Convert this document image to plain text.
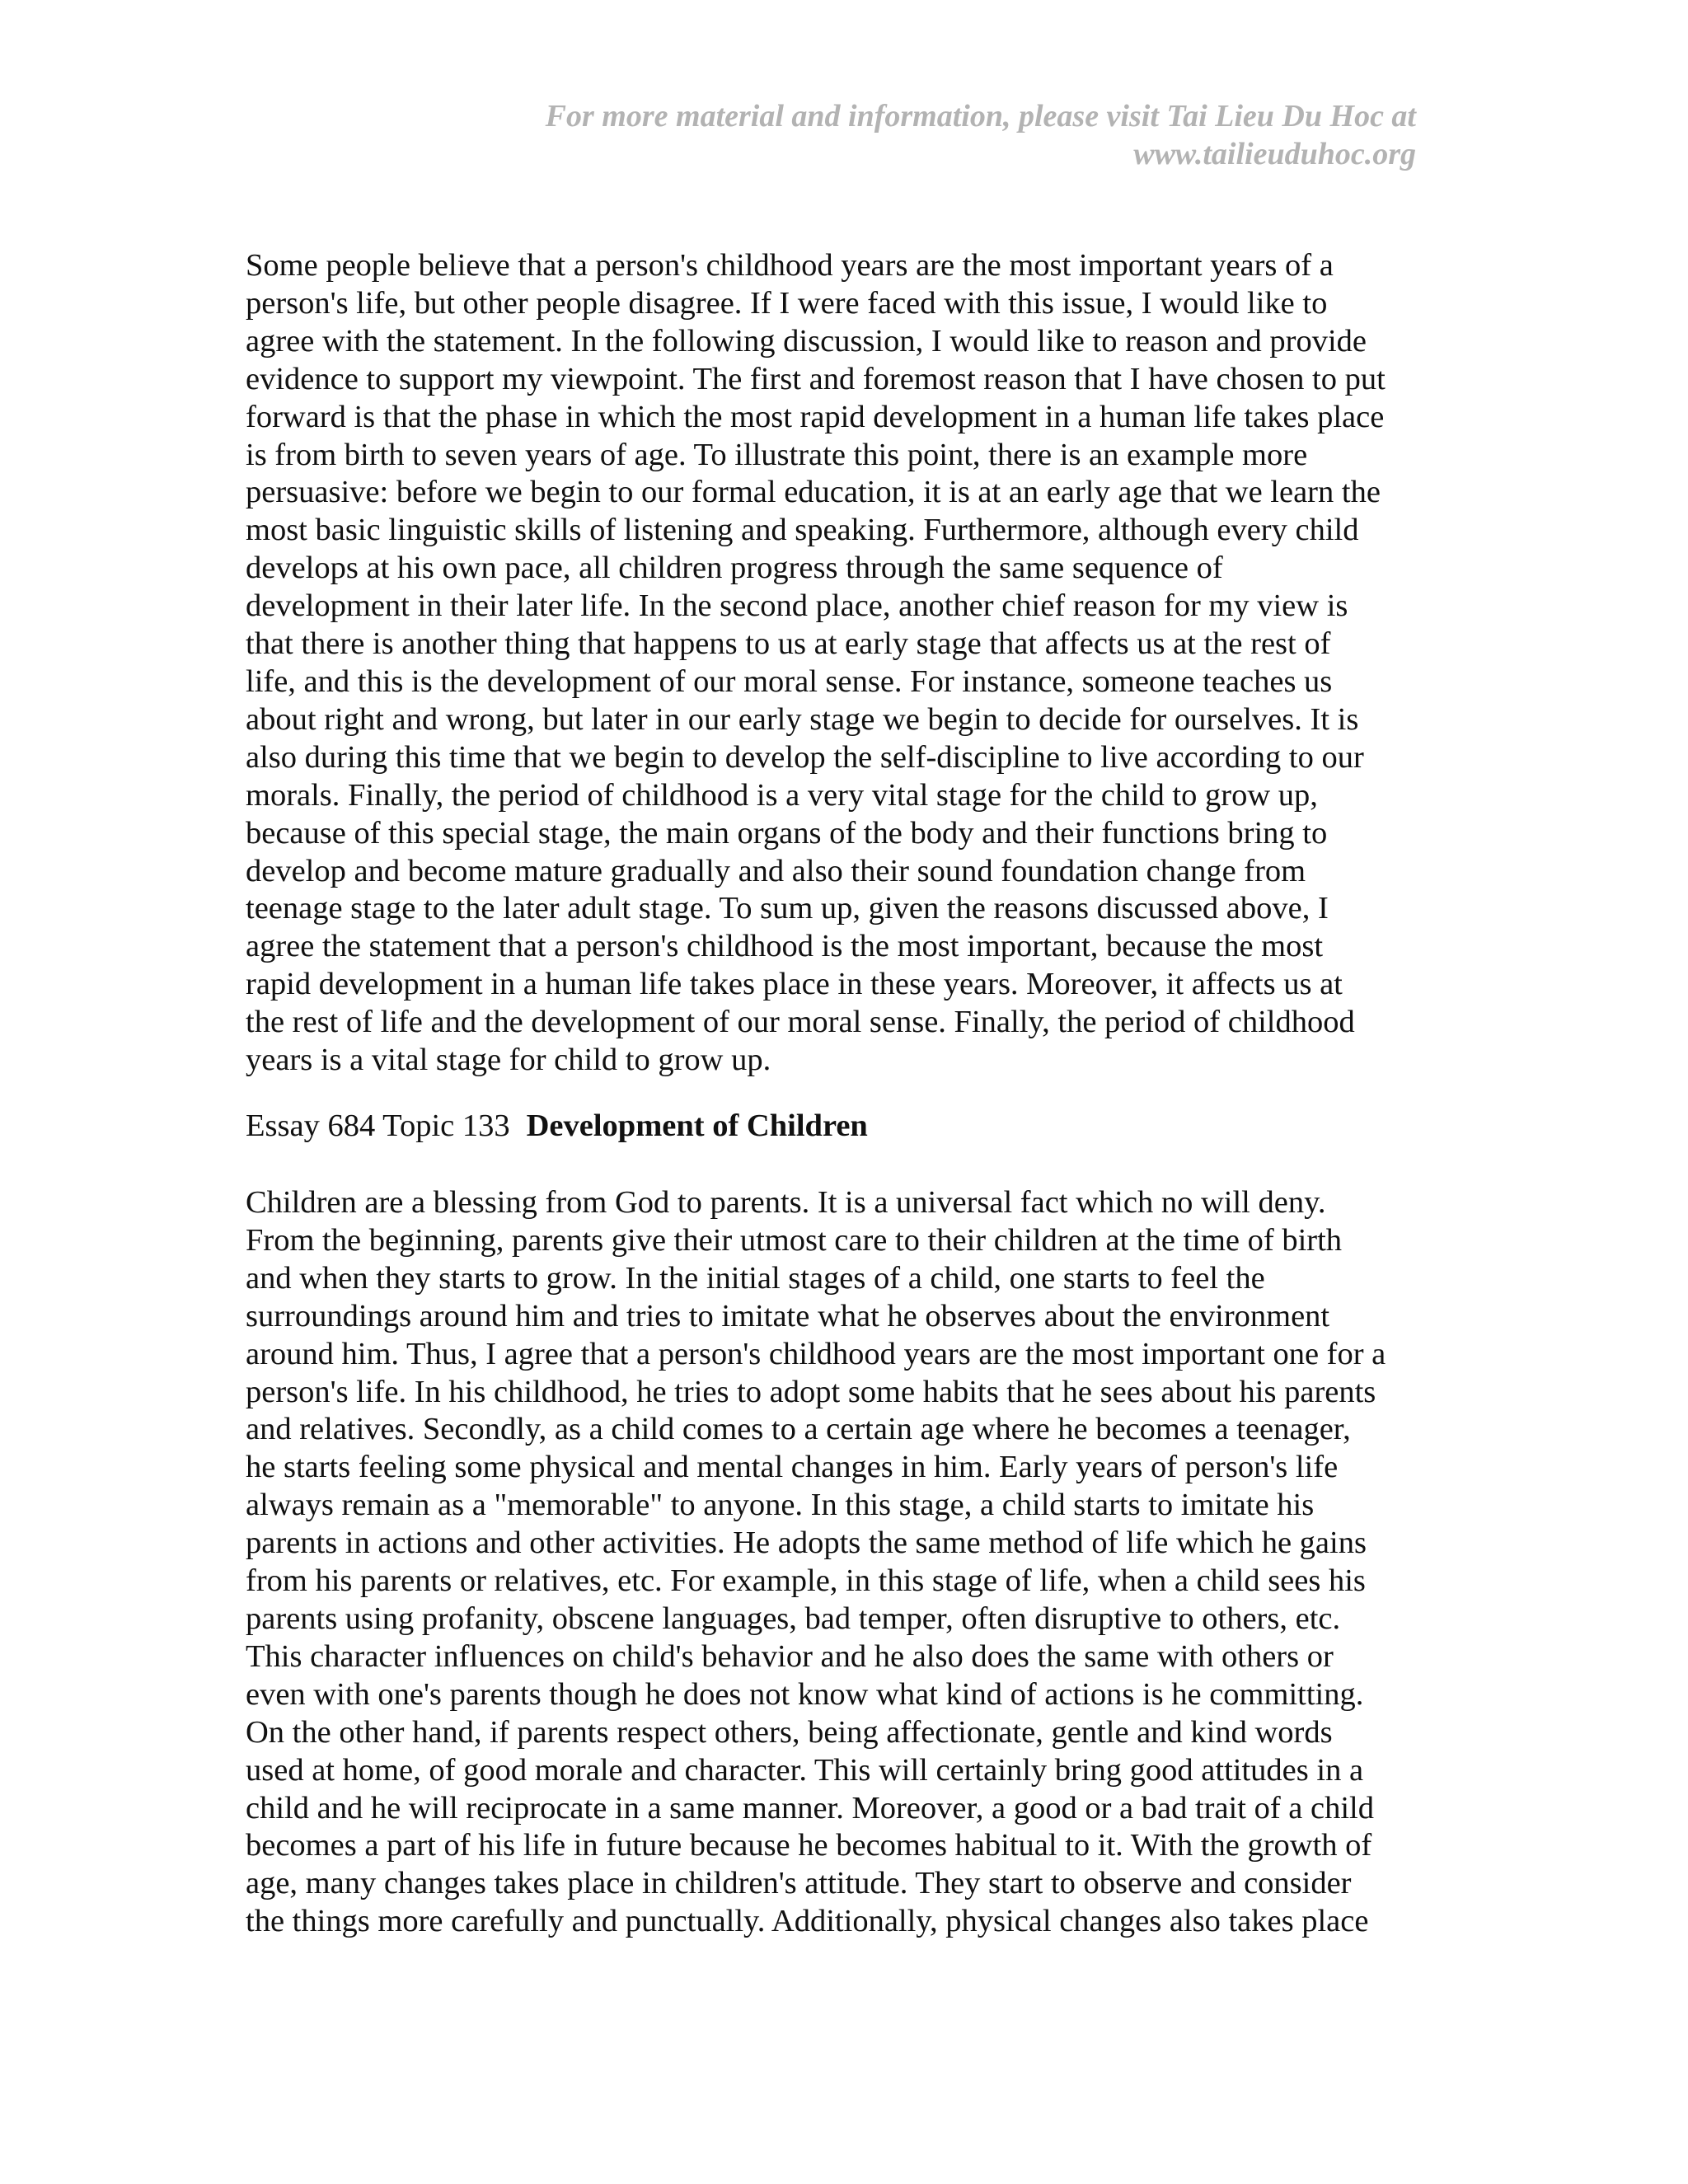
For more material and information, please visit Tai Lieu Du Hoc at
www.tailieuduhoc.org
Some people believe that a person's childhood years are the most important years of a
person's life, but other people disagree. If I were faced with this issue, I would like to
agree with the statement. In the following discussion, I would like to reason and provide
evidence to support my viewpoint. The first and foremost reason that I have chosen to put
forward is that the phase in which the most rapid development in a human life takes place
is from birth to seven years of age. To illustrate this point, there is an example more
persuasive: before we begin to our formal education, it is at an early age that we learn the
most basic linguistic skills of listening and speaking. Furthermore, although every child
develops at his own pace, all children progress through the same sequence of
development in their later life. In the second place, another chief reason for my view is
that there is another thing that happens to us at early stage that affects us at the rest of
life, and this is the development of our moral sense. For instance, someone teaches us
about right and wrong, but later in our early stage we begin to decide for ourselves. It is
also during this time that we begin to develop the self-discipline to live according to our
morals. Finally, the period of childhood is a very vital stage for the child to grow up,
because of this special stage, the main organs of the body and their functions bring to
develop and become mature gradually and also their sound foundation change from
teenage stage to the later adult stage. To sum up, given the reasons discussed above, I
agree the statement that a person's childhood is the most important, because the most
rapid development in a human life takes place in these years. Moreover, it affects us at
the rest of life and the development of our moral sense. Finally, the period of childhood
years is a vital stage for child to grow up.
Essay 684 Topic 133 Development of Children
Children are a blessing from God to parents. It is a universal fact which no will deny.
From the beginning, parents give their utmost care to their children at the time of birth
and when they starts to grow. In the initial stages of a child, one starts to feel the
surroundings around him and tries to imitate what he observes about the environment
around him. Thus, I agree that a person's childhood years are the most important one for a
person's life. In his childhood, he tries to adopt some habits that he sees about his parents
and relatives. Secondly, as a child comes to a certain age where he becomes a teenager,
he starts feeling some physical and mental changes in him. Early years of person's life
always remain as a "memorable" to anyone. In this stage, a child starts to imitate his
parents in actions and other activities. He adopts the same method of life which he gains
from his parents or relatives, etc. For example, in this stage of life, when a child sees his
parents using profanity, obscene languages, bad temper, often disruptive to others, etc.
This character influences on child's behavior and he also does the same with others or
even with one's parents though he does not know what kind of actions is he committing.
On the other hand, if parents respect others, being affectionate, gentle and kind words
used at home, of good morale and character. This will certainly bring good attitudes in a
child and he will reciprocate in a same manner. Moreover, a good or a bad trait of a child
becomes a part of his life in future because he becomes habitual to it. With the growth of
age, many changes takes place in children's attitude. They start to observe and consider
the things more carefully and punctually. Additionally, physical changes also takes place
